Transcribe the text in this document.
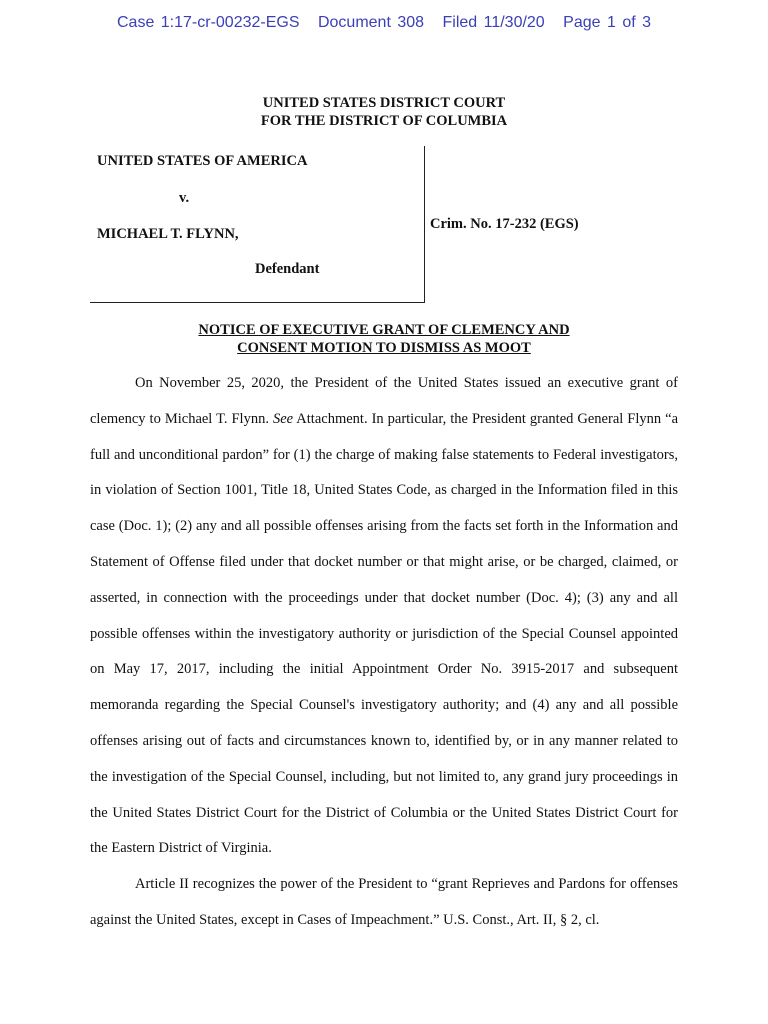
Case 1:17-cr-00232-EGS Document 308 Filed 11/30/20 Page 1 of 3
UNITED STATES DISTRICT COURT
FOR THE DISTRICT OF COLUMBIA
UNITED STATES OF AMERICA
v.
MICHAEL T. FLYNN,
Defendant
Crim. No. 17-232 (EGS)
NOTICE OF EXECUTIVE GRANT OF CLEMENCY AND
CONSENT MOTION TO DISMISS AS MOOT

On November 25, 2020, the President of the United States issued an executive grant of clemency to Michael T. Flynn. See Attachment. In particular, the President granted General Flynn “a full and unconditional pardon” for (1) the charge of making false statements to Federal investigators, in violation of Section 1001, Title 18, United States Code, as charged in the Information filed in this case (Doc. 1); (2) any and all possible offenses arising from the facts set forth in the Information and Statement of Offense filed under that docket number or that might arise, or be charged, claimed, or asserted, in connection with the proceedings under that docket number (Doc. 4); (3) any and all possible offenses within the investigatory authority or jurisdiction of the Special Counsel appointed on May 17, 2017, including the initial Appointment Order No. 3915-2017 and subsequent memoranda regarding the Special Counsel's investigatory authority; and (4) any and all possible offenses arising out of facts and circumstances known to, identified by, or in any manner related to the investigation of the Special Counsel, including, but not limited to, any grand jury proceedings in the United States District Court for the District of Columbia or the United States District Court for the Eastern District of Virginia.

Article II recognizes the power of the President to “grant Reprieves and Pardons for offenses against the United States, except in Cases of Impeachment.” U.S. Const., Art. II, § 2, cl.
